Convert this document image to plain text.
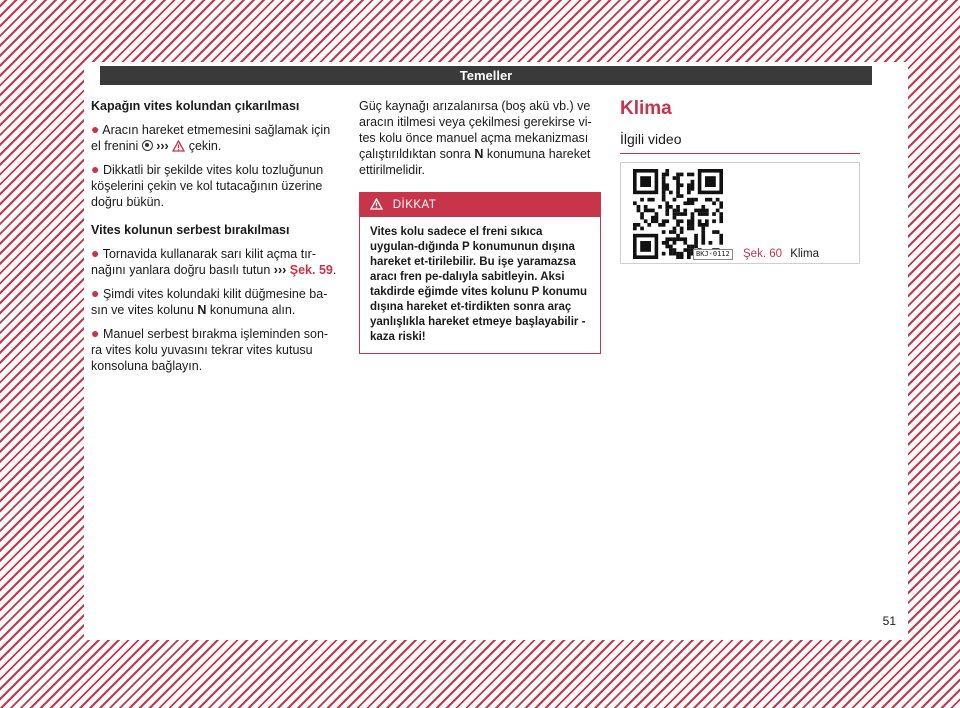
Temeller
Kapağın vites kolundan çıkarılması

● Aracın hareket etmemesini sağlamak için el frenini ››› çekin.

● Dikkatli bir şekilde vites kolu tozluğunun köşelerini çekin ve kol tutacağının üzerine doğru bükün.

Vites kolunun serbest bırakılması

● Tornavida kullanarak sarı kilit açma tır-nağını yanlara doğru basılı tutun ››› Şek. 59.

● Şimdi vites kolundaki kilit düğmesine ba-sın ve vites kolunu N konumuna alın.

● Manuel serbest bırakma işleminden son-ra vites kolu yuvasını tekrar vites kutusu konsoluna bağlayın.

Güç kaynağı arızalanırsa (boş akü vb.) ve aracın itilmesi veya çekilmesi gerekirse vi-tes kolu önce manuel açma mekanizması çalıştırıldıktan sonra N konumuna hareket ettirilmelidir.

DİKKAT
Vites kolu sadece el freni sıkıca uygulan-dığında P konumunun dışına hareket et-tirilebilir. Bu işe yaramazsa aracı fren pe-dalıyla sabitleyin. Aksi takdirde eğimde vites kolunu P konumu dışına hareket et-tirdikten sonra araç yanlışlıkla hareket etmeye başlayabilir - kaza riski!
Klima
İlgili video
BKJ-0112 Şek. 60 Klima
51
